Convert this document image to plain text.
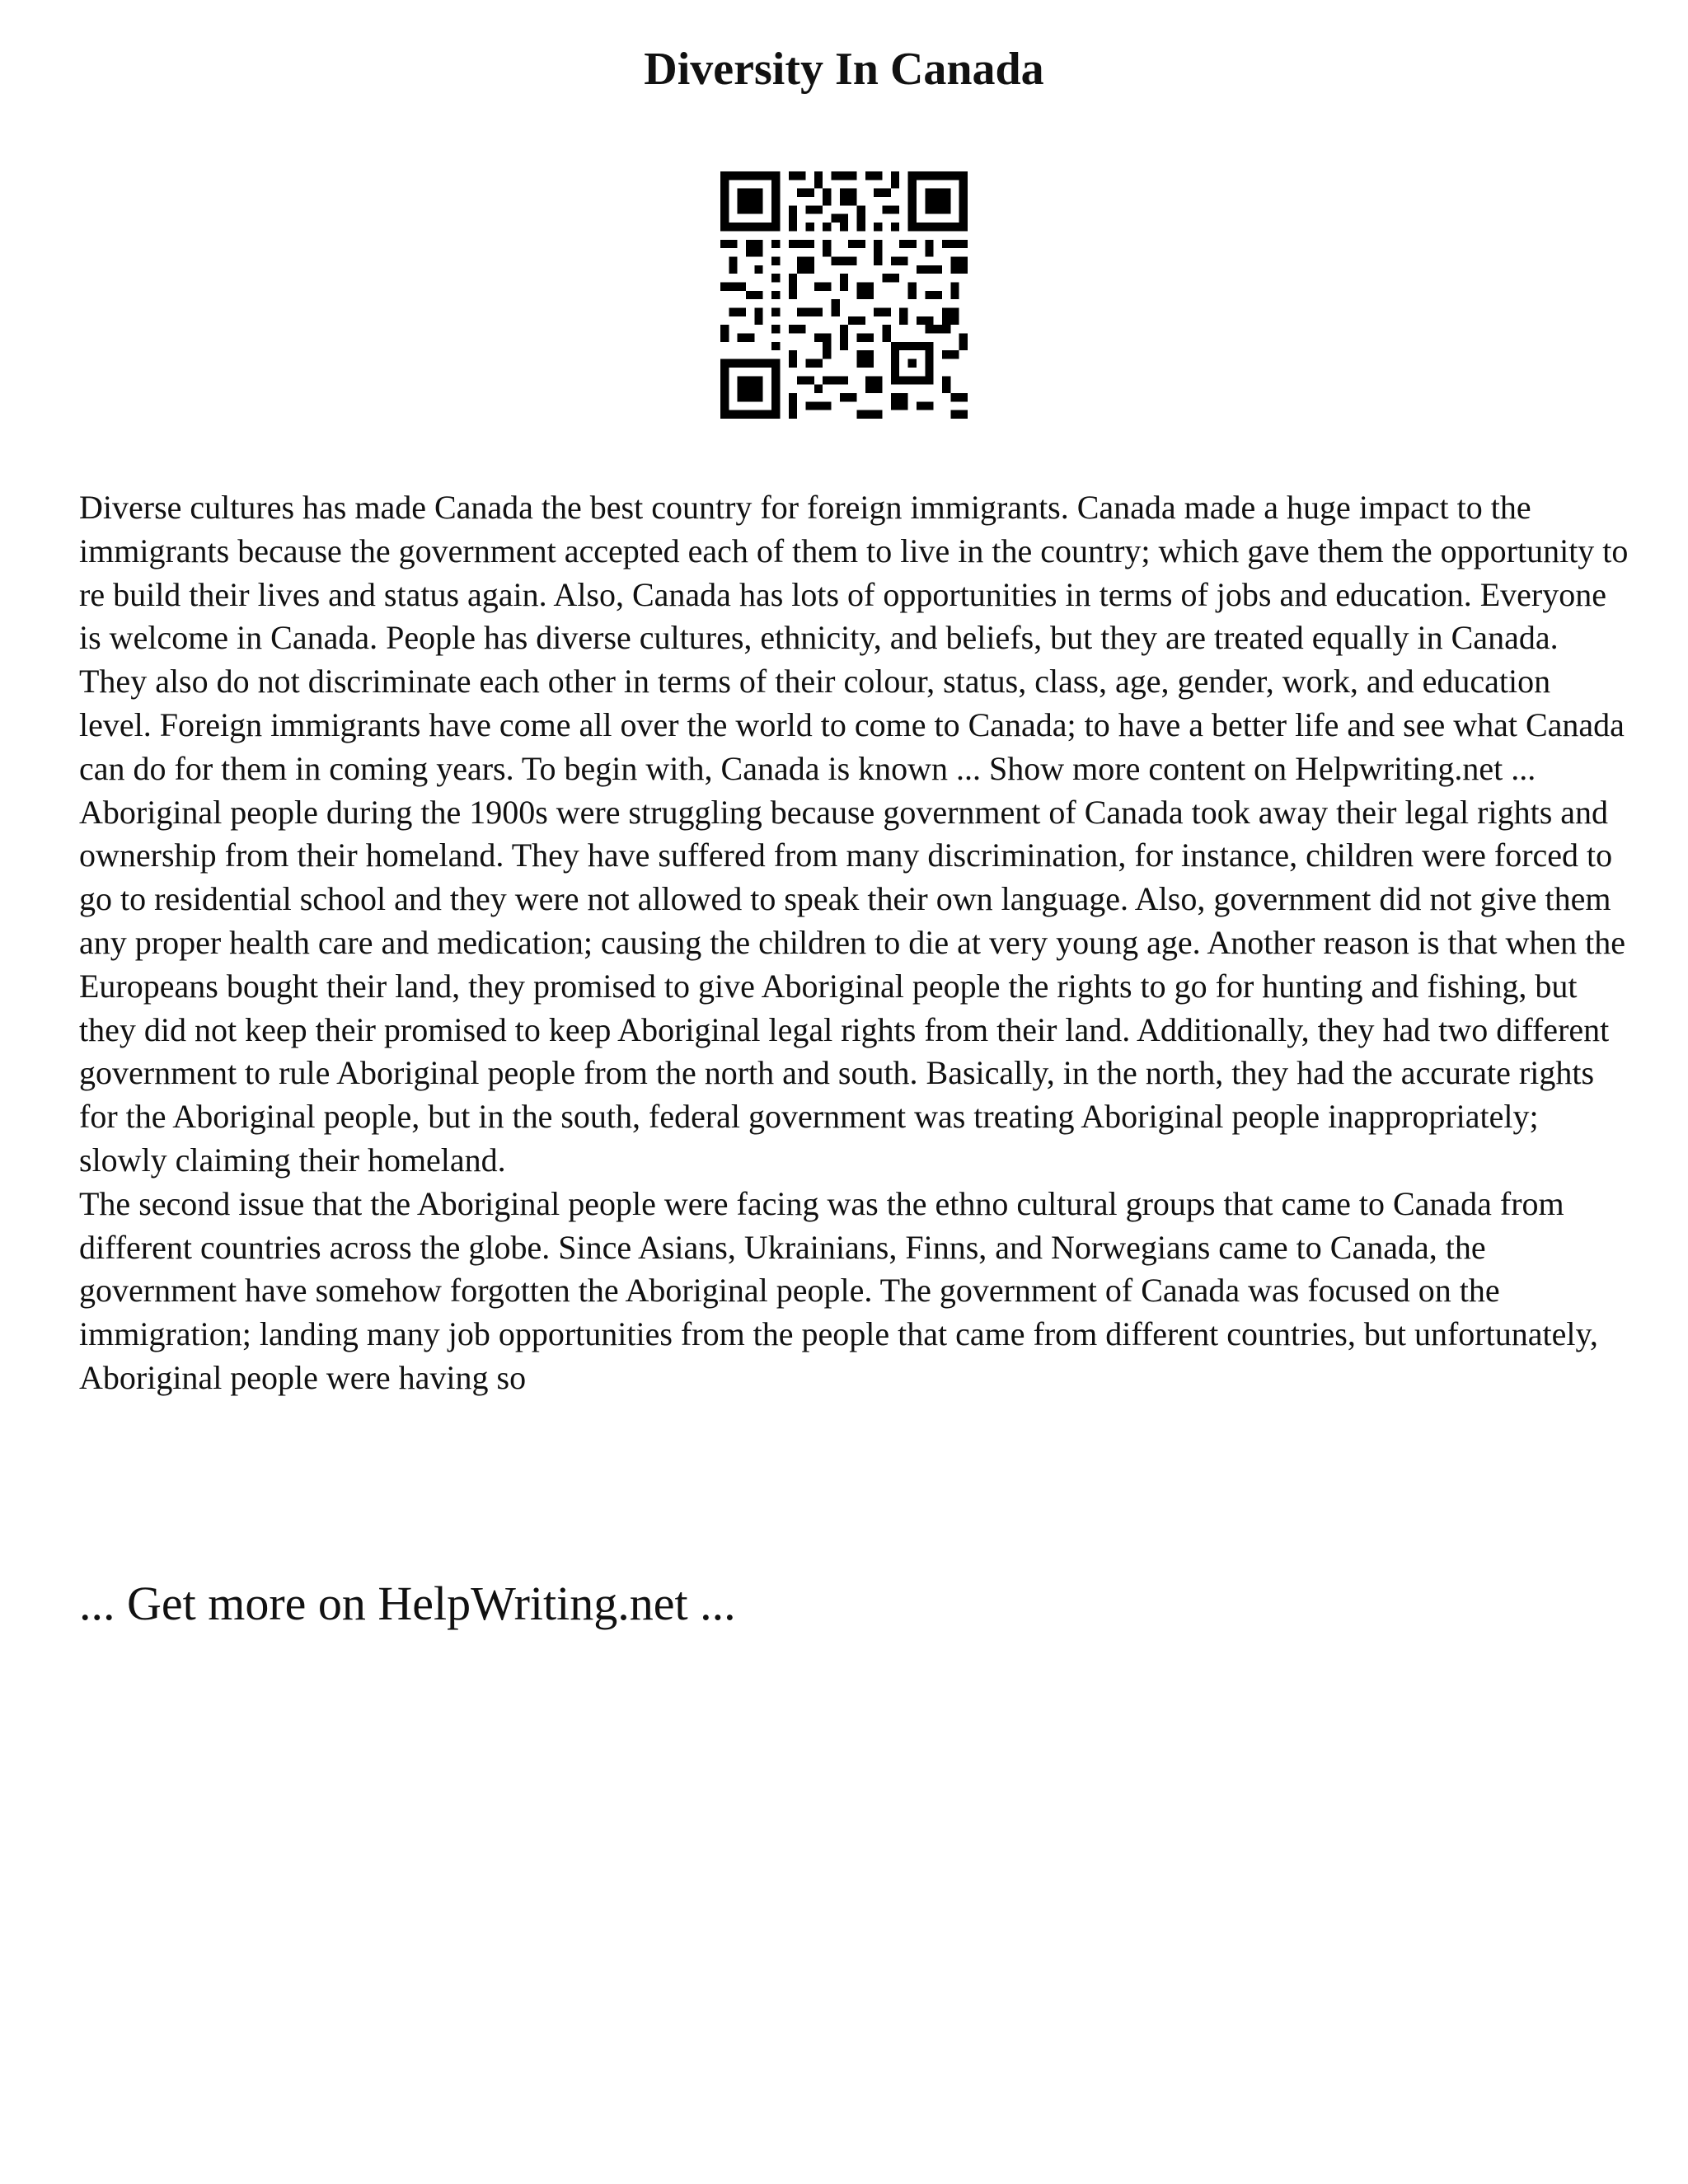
Diversity In Canada

Diverse cultures has made Canada the best country for foreign immigrants. Canada made a huge impact to the immigrants because the government accepted each of them to live in the country; which gave them the opportunity to re build their lives and status again. Also, Canada has lots of opportunities in terms of jobs and education. Everyone is welcome in Canada. People has diverse cultures, ethnicity, and beliefs, but they are treated equally in Canada. They also do not discriminate each other in terms of their colour, status, class, age, gender, work, and education level. Foreign immigrants have come all over the world to come to Canada; to have a better life and see what Canada can do for them in coming years. To begin with, Canada is known ... Show more content on Helpwriting.net ...

Aboriginal people during the 1900s were struggling because government of Canada took away their legal rights and ownership from their homeland. They have suffered from many discrimination, for instance, children were forced to go to residential school and they were not allowed to speak their own language. Also, government did not give them any proper health care and medication; causing the children to die at very young age. Another reason is that when the Europeans bought their land, they promised to give Aboriginal people the rights to go for hunting and fishing, but they did not keep their promised to keep Aboriginal legal rights from their land. Additionally, they had two different government to rule Aboriginal people from the north and south. Basically, in the north, they had the accurate rights for the Aboriginal people, but in the south, federal government was treating Aboriginal people inappropriately; slowly claiming their homeland.

The second issue that the Aboriginal people were facing was the ethno cultural groups that came to Canada from different countries across the globe. Since Asians, Ukrainians, Finns, and Norwegians came to Canada, the government have somehow forgotten the Aboriginal people. The government of Canada was focused on the immigration; landing many job opportunities from the people that came from different countries, but unfortunately, Aboriginal people were having so

... Get more on HelpWriting.net ...
